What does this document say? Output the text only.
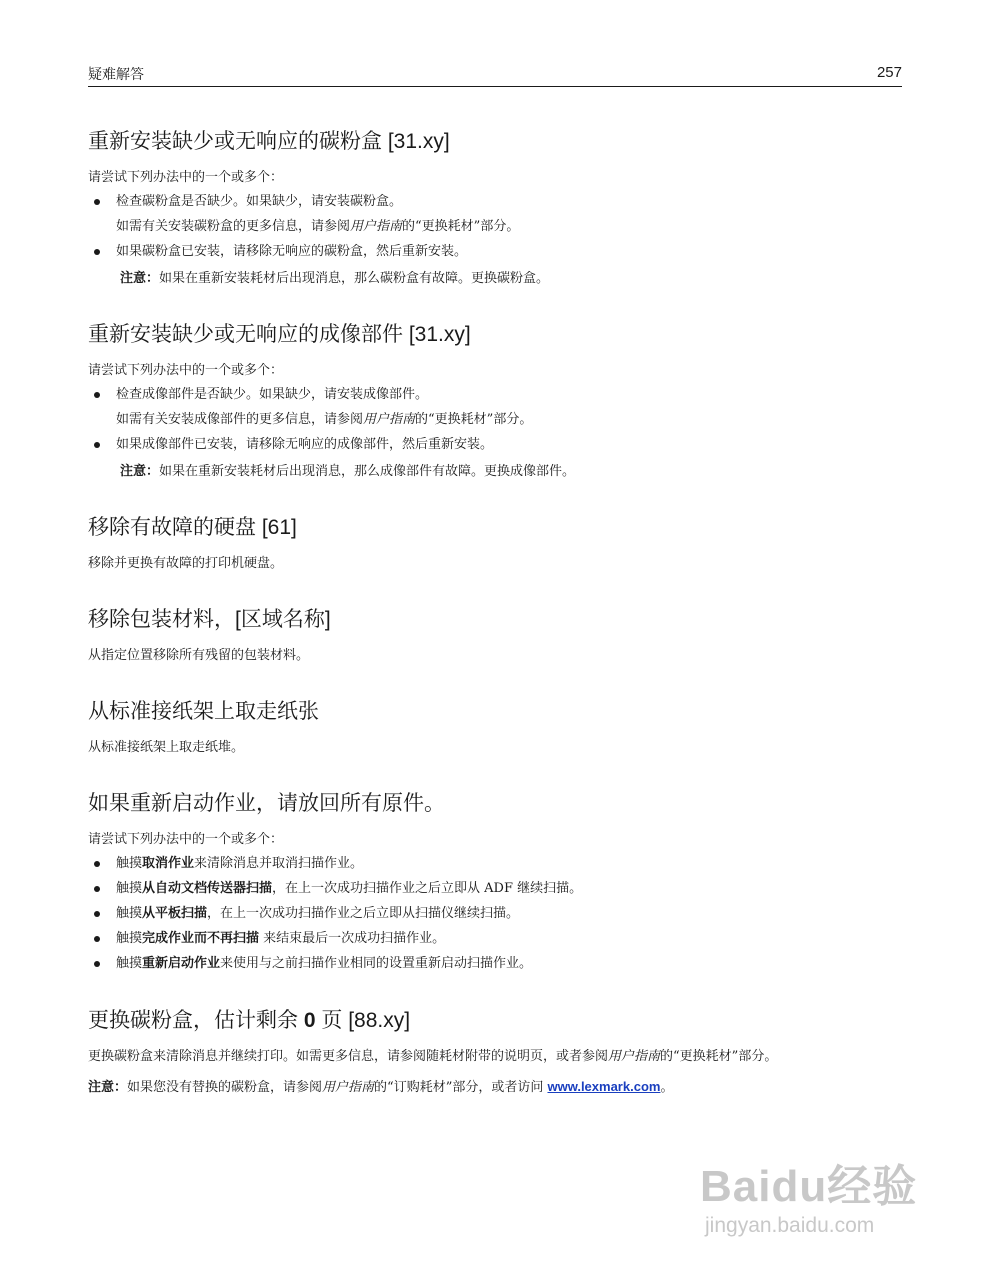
疑难解答	257
重新安装缺少或无响应的碳粉盒 [31.xy]

请尝试下列办法中的一个或多个：

检查碳粉盒是否缺少。如果缺少，请安装碳粉盒。

如需有关安装碳粉盒的更多信息，请参阅用户指南的“更换耗材”部分。

如果碳粉盒已安装，请移除无响应的碳粉盒，然后重新安装。

注意：如果在重新安装耗材后出现消息，那么碳粉盒有故障。更换碳粉盒。

重新安装缺少或无响应的成像部件 [31.xy]

请尝试下列办法中的一个或多个：

检查成像部件是否缺少。如果缺少，请安装成像部件。

如需有关安装成像部件的更多信息，请参阅用户指南的“更换耗材”部分。

如果成像部件已安装，请移除无响应的成像部件，然后重新安装。

注意：如果在重新安装耗材后出现消息，那么成像部件有故障。更换成像部件。

移除有故障的硬盘 [61]

移除并更换有故障的打印机硬盘。

移除包装材料，[区域名称]

从指定位置移除所有残留的包装材料。

从标准接纸架上取走纸张

从标准接纸架上取走纸堆。

如果重新启动作业，请放回所有原件。

请尝试下列办法中的一个或多个：

触摸取消作业来清除消息并取消扫描作业。
触摸从自动文档传送器扫描，在上一次成功扫描作业之后立即从 ADF 继续扫描。
触摸从平板扫描，在上一次成功扫描作业之后立即从扫描仪继续扫描。
触摸完成作业而不再扫描 来结束最后一次成功扫描作业。
触摸重新启动作业来使用与之前扫描作业相同的设置重新启动扫描作业。
更换碳粉盒，估计剩余 0 页 [88.xy]

更换碳粉盒来清除消息并继续打印。如需更多信息，请参阅随耗材附带的说明页，或者参阅用户指南的“更换耗材”部分。

注意：如果您没有替换的碳粉盒，请参阅用户指南的“订购耗材”部分，或者访问 www.lexmark.com。

Baidu经验
jingyan.baidu.com
